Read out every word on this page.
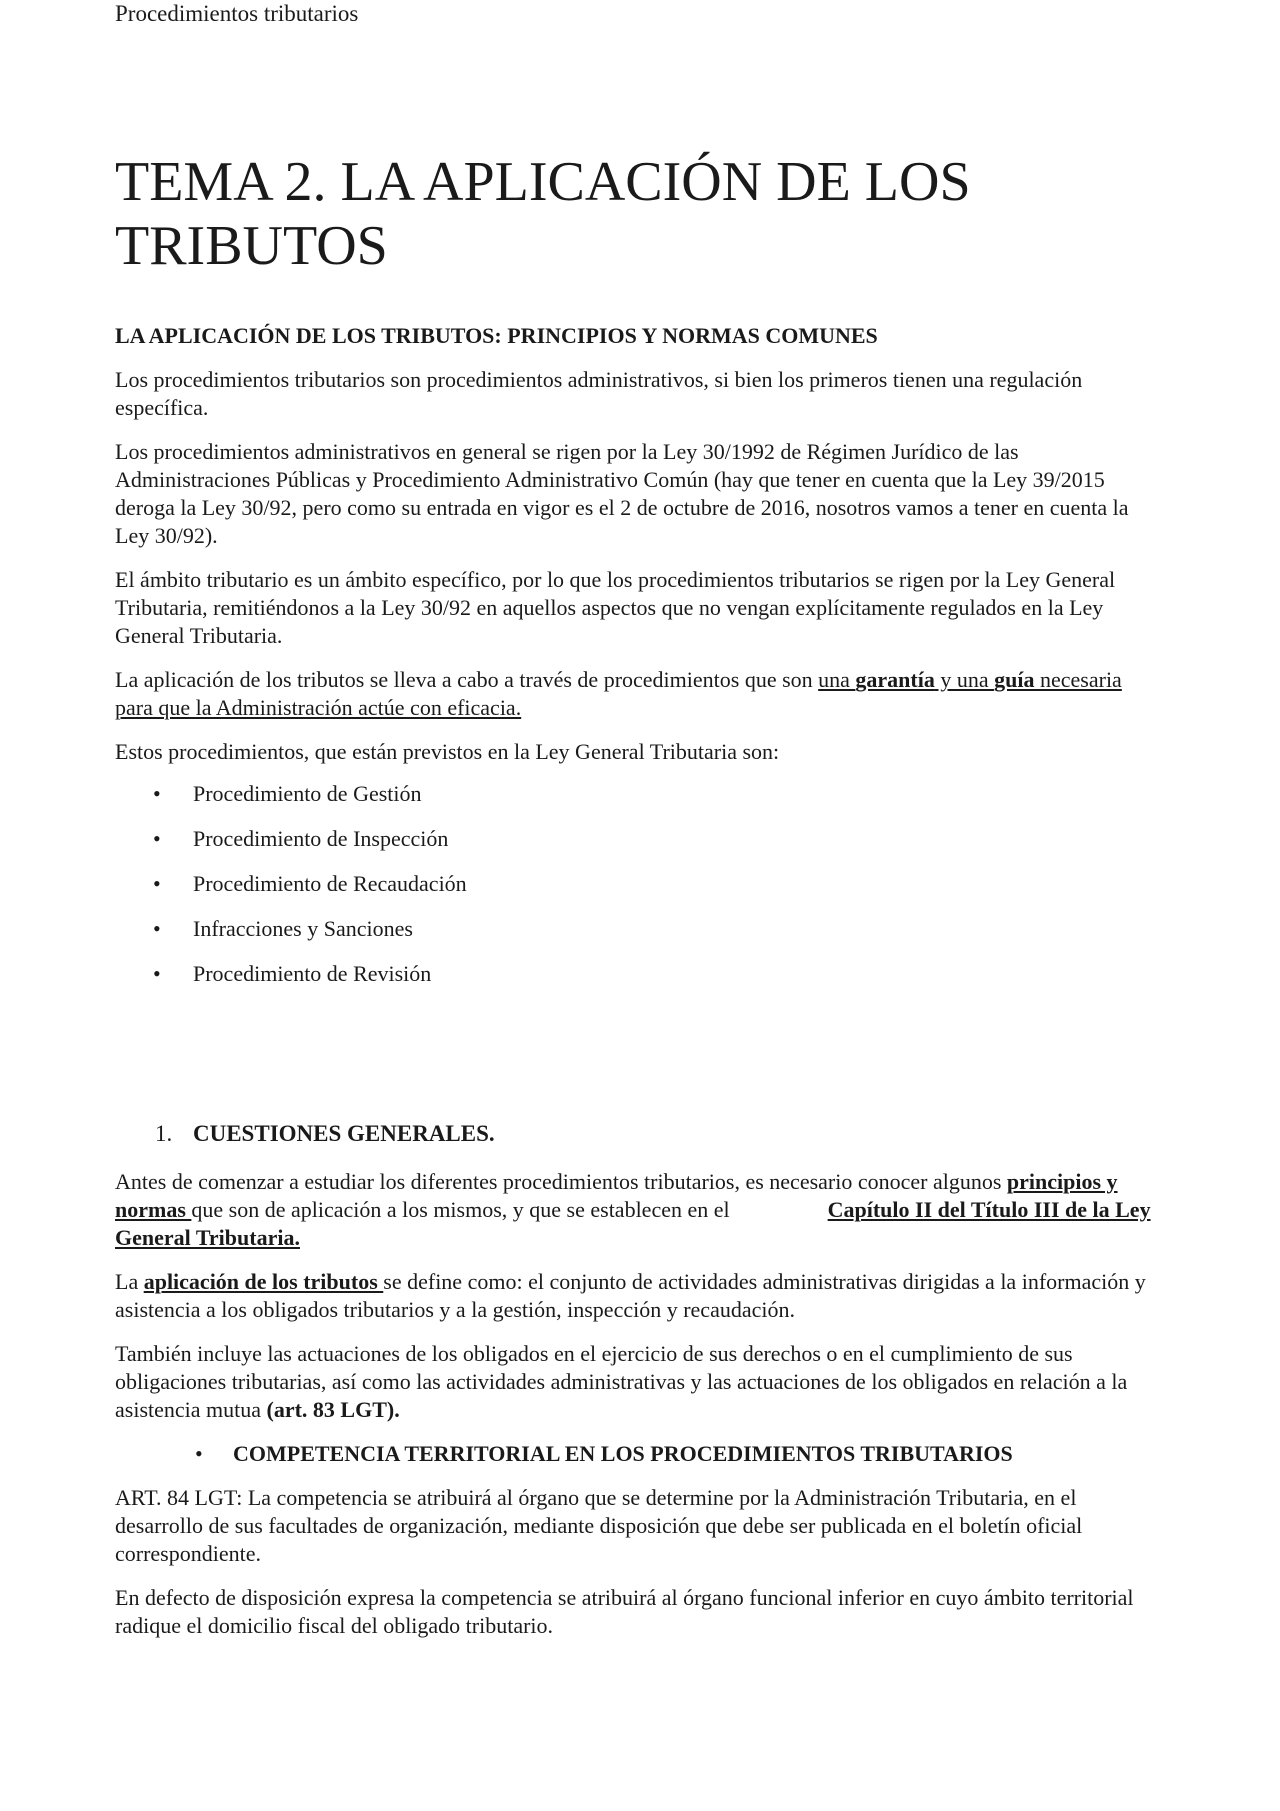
Procedimientos tributarios
TEMA 2. LA APLICACIÓN DE LOS TRIBUTOS
LA APLICACIÓN DE LOS TRIBUTOS: PRINCIPIOS Y NORMAS COMUNES

Los procedimientos tributarios son procedimientos administrativos, si bien los primeros tienen una regulación específica.

Los procedimientos administrativos en general se rigen por la Ley 30/1992 de Régimen Jurídico de las Administraciones Públicas y Procedimiento Administrativo Común (hay que tener en cuenta que la Ley 39/2015 deroga la Ley 30/92, pero como su entrada en vigor es el 2 de octubre de 2016, nosotros vamos a tener en cuenta la Ley 30/92).

El ámbito tributario es un ámbito específico, por lo que los procedimientos tributarios se rigen por la Ley General Tributaria, remitiéndonos a la Ley 30/92 en aquellos aspectos que no vengan explícitamente regulados en la Ley General Tributaria.

La aplicación de los tributos se lleva a cabo a través de procedimientos que son una garantía y una guía necesaria para que la Administración actúe con eficacia.

Estos procedimientos, que están previstos en la Ley General Tributaria son:

• Procedimiento de Gestión
• Procedimiento de Inspección
• Procedimiento de Recaudación
• Infracciones y Sanciones
• Procedimiento de Revisión
1. CUESTIONES GENERALES.

Antes de comenzar a estudiar los diferentes procedimientos tributarios, es necesario conocer algunos principios y normas que son de aplicación a los mismos, y que se establecen en el	Capítulo II del Título III de la Ley General Tributaria.

La aplicación de los tributos se define como: el conjunto de actividades administrativas dirigidas a la información y asistencia a los obligados tributarios y a la gestión, inspección y recaudación.

También incluye las actuaciones de los obligados en el ejercicio de sus derechos o en el cumplimiento de sus obligaciones tributarias, así como las actividades administrativas y las actuaciones de los obligados en relación a la asistencia mutua (art. 83 LGT).

• COMPETENCIA TERRITORIAL EN LOS PROCEDIMIENTOS TRIBUTARIOS

ART. 84 LGT: La competencia se atribuirá al órgano que se determine por la Administración Tributaria, en el desarrollo de sus facultades de organización, mediante disposición que debe ser publicada en el boletín oficial correspondiente.

En defecto de disposición expresa la competencia se atribuirá al órgano funcional inferior en cuyo ámbito territorial radique el domicilio fiscal del obligado tributario.
